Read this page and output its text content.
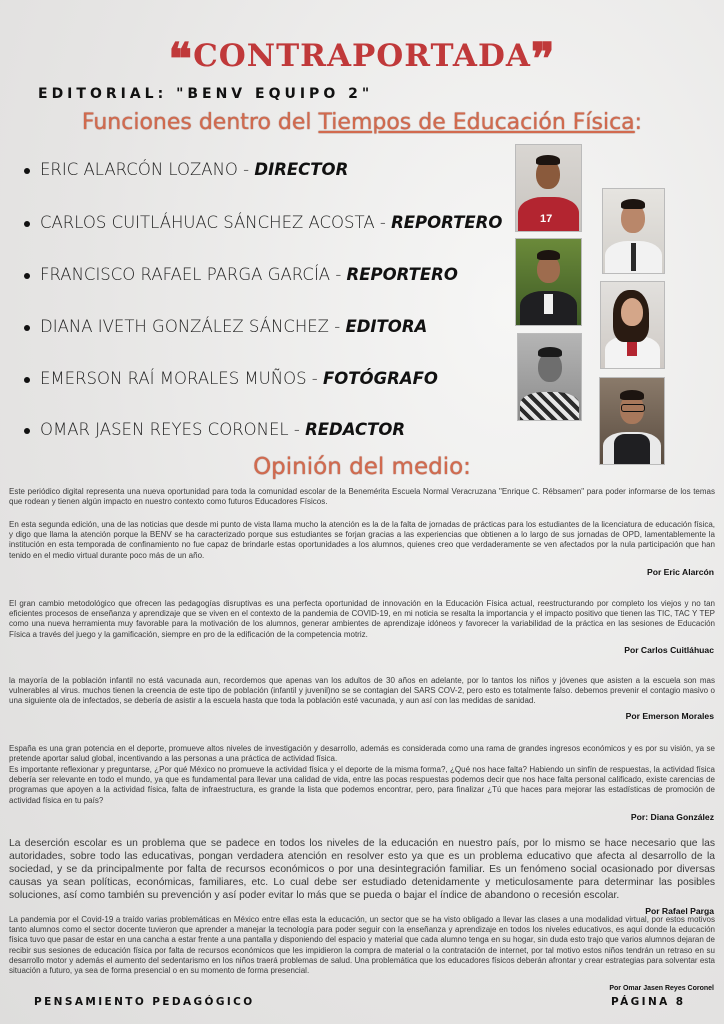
❝CONTRAPORTADA❞
EDITORIAL: "BENV EQUIPO 2"
Funciones dentro del Tiempos de Educación Física:
ERIC ALARCÓN LOZANO - DIRECTOR
CARLOS CUITLÁHUAC SÁNCHEZ ACOSTA - REPORTERO
FRANCISCO RAFAEL PARGA GARCÍA - REPORTERO
DIANA IVETH GONZÁLEZ SÁNCHEZ - EDITORA
EMERSON RAÍ MORALES MUÑOS - FOTÓGRAFO
OMAR JASEN REYES CORONEL - REDACTOR
17
Opinión del medio:
Este periódico digital representa una nueva oportunidad para toda la comunidad escolar de la Benemérita Escuela Normal Veracruzana "Enrique C. Rébsamen" para poder informarse de los temas que rodean y tienen algún impacto en nuestro contexto como futuros Educadores Físicos.
En esta segunda edición, una de las noticias que desde mi punto de vista llama mucho la atención es la de la falta de jornadas de prácticas para los estudiantes de la licenciatura de educación física, y digo que llama la atención porque la BENV se ha caracterizado porque sus estudiantes se forjan gracias a las experiencias que obtienen a lo largo de sus jornadas de OPD, lamentablemente la institución en esta temporada de confinamiento no fue capaz de brindarle estas oportunidades a los alumnos, quienes creo que verdaderamente se ven afectados por la nula participación que han tenido en el medio virtual durante poco más de un año.
Por Eric Alarcón
El gran cambio metodológico que ofrecen las pedagogías disruptivas es una perfecta oportunidad de innovación en la Educación Física actual, reestructurando por completo los viejos y no tan eficientes procesos de enseñanza y aprendizaje que se viven en el contexto de la pandemia de COVID-19, en mi noticia se resalta la importancia y el impacto positivo que tienen las TIC, TAC Y TEP como una nueva herramienta muy favorable para la motivación de los alumnos, generar ambientes de aprendizaje idóneos y favorecer la variabilidad de la práctica en las sesiones de Educación Física a través del juego y la gamificación, siempre en pro de la edificación de la competencia motriz.
Por Carlos Cuitláhuac
la mayoría de la población infantil no está vacunada aun, recordemos que apenas van los adultos de 30 años en adelante, por lo tantos los niños y jóvenes que asisten a la escuela son mas vulnerables al virus. muchos tienen la creencia de este tipo de población (infantil y juvenil)no se se contagian del SARS COV-2, pero esto es totalmente falso. debemos prevenir el contagio masivo o una siguiente ola de infectados, se debería de asistir a la escuela hasta que toda la población esté vacunada, y aun así con las medidas de sanidad.
Por Emerson Morales
España es una gran potencia en el deporte, promueve altos niveles de investigación y desarrollo, además es considerada como una rama de grandes ingresos económicos y es por su visión, ya se pretende aportar salud global, incentivando a las personas a una práctica de actividad física.
Es importante reflexionar y preguntarse, ¿Por qué México no promueve la actividad física y el deporte de la misma forma?, ¿Qué nos hace falta? Habiendo un sinfín de respuestas, la actividad física debería ser relevante en todo el mundo, ya que es fundamental para llevar una calidad de vida, entre las pocas respuestas podemos decir que nos hace falta personal calificado, existe carencias de programas que apoyen a la actividad física, falta de infraestructura, es grande la lista que podemos encontrar, pero, para finalizar ¿Tú que haces para mejorar las estadísticas de promoción de actividad física en tu país?
Por: Diana González
La deserción escolar es un problema que se padece en todos los niveles de la educación en nuestro país, por lo mismo se hace necesario que las autoridades, sobre todo las educativas, pongan verdadera atención en resolver esto ya que es un problema educativo que afecta al desarrollo de la sociedad, y se da principalmente por falta de recursos económicos o por una desintegración familiar. Es un fenómeno social ocasionado por diversas causas ya sean políticas, económicas, familiares, etc. Lo cual debe ser estudiado detenidamente y meticulosamente para determinar las posibles soluciones, así como también su prevención y así poder evitar lo más que se pueda o bajar el índice de abandono o recesión escolar.
Por Rafael Parga
La pandemia por el Covid-19 a traído varias problemáticas en México entre ellas esta la educación, un sector que se ha visto obligado a llevar las clases a una modalidad virtual, por estos motivos tanto alumnos como el sector docente tuvieron que aprender a manejar la tecnología para poder seguir con la enseñanza y aprendizaje en todos los niveles educativos, es aquí donde la educación física tuvo que pasar de estar en una cancha a estar frente a una pantalla y disponiendo del espacio y material que cada alumno tenga en su hogar, sin duda esto trajo que varios alumnos dejaran de recibir sus sesiones de educación física por falta de recursos económicos que les impidieron la compra de material o la contratación de internet, por tal motivo estos niños tendrán un retraso en su desarrollo motor y además el aumento del sedentarismo en los niños traerá problemas de salud. Una problemática que los educadores físicos deberán afrontar y crear estrategias para solventar esta situación a futuro, ya sea de forma presencial o en su momento de forma presencial.
Por Omar Jasen Reyes Coronel
PENSAMIENTO PEDAGÓGICO	PÁGINA 8
